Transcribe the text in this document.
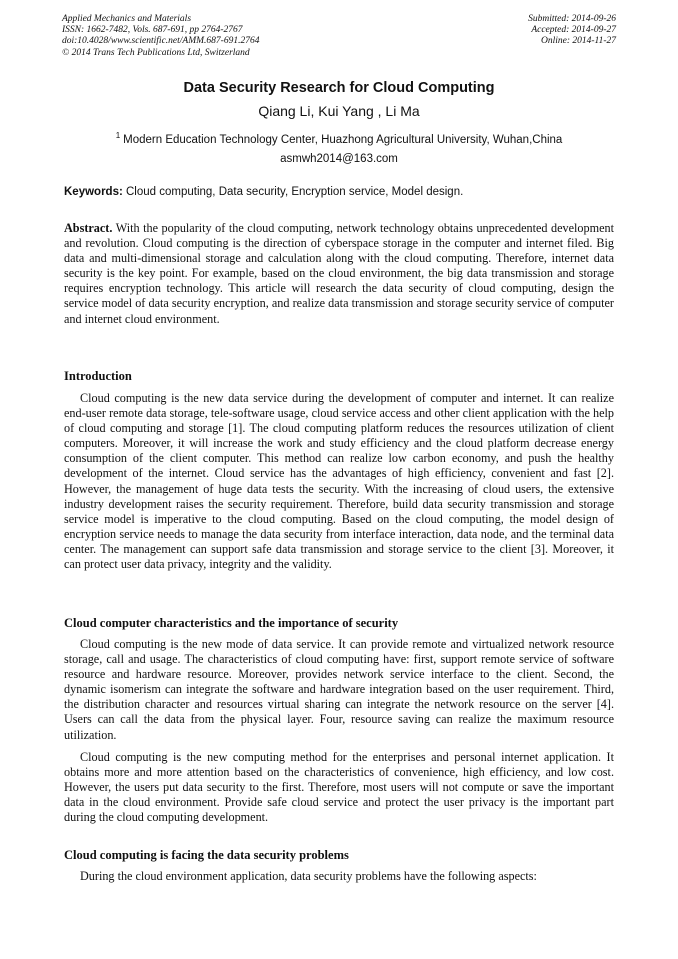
Applied Mechanics and Materials
ISSN: 1662-7482, Vols. 687-691, pp 2764-2767
doi:10.4028/www.scientific.net/AMM.687-691.2764
© 2014 Trans Tech Publications Ltd, Switzerland
Submitted: 2014-09-26
Accepted: 2014-09-27
Online: 2014-11-27
Data Security Research for Cloud Computing
Qiang Li, Kui Yang , Li Ma
$^1$ Modern Education Technology Center, Huazhong Agricultural University, Wuhan,China
asmwh2014@163.com
Keywords: Cloud computing, Data security, Encryption service, Model design.

Abstract. With the popularity of the cloud computing, network technology obtains unprecedented development and revolution. Cloud computing is the direction of cyberspace storage in the computer and internet filed. Big data and multi-dimensional storage and calculation along with the cloud computing. Therefore, internet data security is the key point. For example, based on the cloud environment, the big data transmission and storage requires encryption technology. This article will research the data security of cloud computing, design the service model of data security encryption, and realize data transmission and storage security service of computer and internet cloud environment.

Introduction

Cloud computing is the new data service during the development of computer and internet. It can realize end-user remote data storage, tele-software usage, cloud service access and other client application with the help of cloud computing and storage [1]. The cloud computing platform reduces the resources utilization of client computers. Moreover, it will increase the work and study efficiency and the cloud platform decrease energy consumption of the client computer. This method can realize low carbon economy, and push the healthy development of the internet. Cloud service has the advantages of high efficiency, convenient and fast [2]. However, the management of huge data tests the security. With the increasing of cloud users, the extensive industry development raises the security requirement. Therefore, build data security transmission and storage service model is imperative to the cloud computing. Based on the cloud computing, the model design of encryption service needs to manage the data security from interface interaction, data node, and the terminal data center. The management can support safe data transmission and storage service to the client [3]. Moreover, it can protect user data privacy, integrity and the validity.

Cloud computer characteristics and the importance of security

Cloud computing is the new mode of data service. It can provide remote and virtualized network resource storage, call and usage. The characteristics of cloud computing have: first, support remote service of software resource and hardware resource. Moreover, provides network service interface to the client. Second, the dynamic isomerism can integrate the software and hardware integration based on the user requirement. Third, the distribution character and resources virtual sharing can integrate the network resource on the server [4]. Users can call the data from the physical layer. Four, resource saving can realize the maximum resource utilization.

Cloud computing is the new computing method for the enterprises and personal internet application. It obtains more and more attention based on the characteristics of convenience, high efficiency, and low cost. However, the users put data security to the first. Therefore, most users will not compute or save the important data in the cloud environment. Provide safe cloud service and protect the user privacy is the important part during the cloud computing development.

Cloud computing is facing the data security problems

During the cloud environment application, data security problems have the following aspects:
